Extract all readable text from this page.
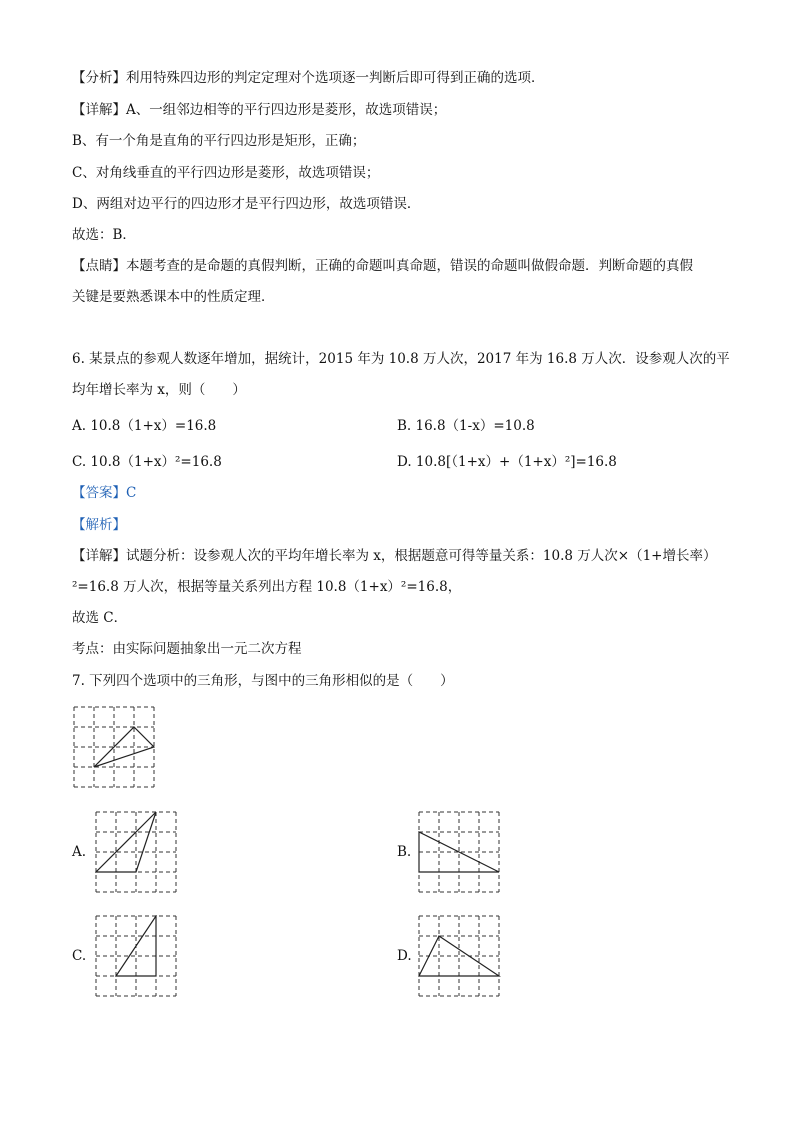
【分析】利用特殊四边形的判定定理对个选项逐一判断后即可得到正确的选项．
【详解】A、一组邻边相等的平行四边形是菱形，故选项错误；
B、有一个角是直角的平行四边形是矩形，正确；
C、对角线垂直的平行四边形是菱形，故选项错误；
D、两组对边平行的四边形才是平行四边形，故选项错误．
故选：B．
【点睛】本题考查的是命题的真假判断，正确的命题叫真命题，错误的命题叫做假命题．判断命题的真假
关键是要熟悉课本中的性质定理．
6. 某景点的参观人数逐年增加，据统计，2015 年为 10.8 万人次，2017 年为 16.8 万人次．设参观人次的平
均年增长率为 x，则（　　）
A. 10.8（1+x）=16.8	B. 16.8（1-x）=10.8
C. 10.8（1+x）²=16.8	D. 10.8[（1+x）+（1+x）²]=16.8
【答案】C
【解析】
【详解】试题分析：设参观人次的平均年增长率为 x，根据题意可得等量关系：10.8 万人次×（1+增长率）
²=16.8 万人次，根据等量关系列出方程 10.8（1+x）²=16.8，
故选 C．
考点：由实际问题抽象出一元二次方程
7. 下列四个选项中的三角形，与图中的三角形相似的是（　　）
A.	B.
C.	D.
